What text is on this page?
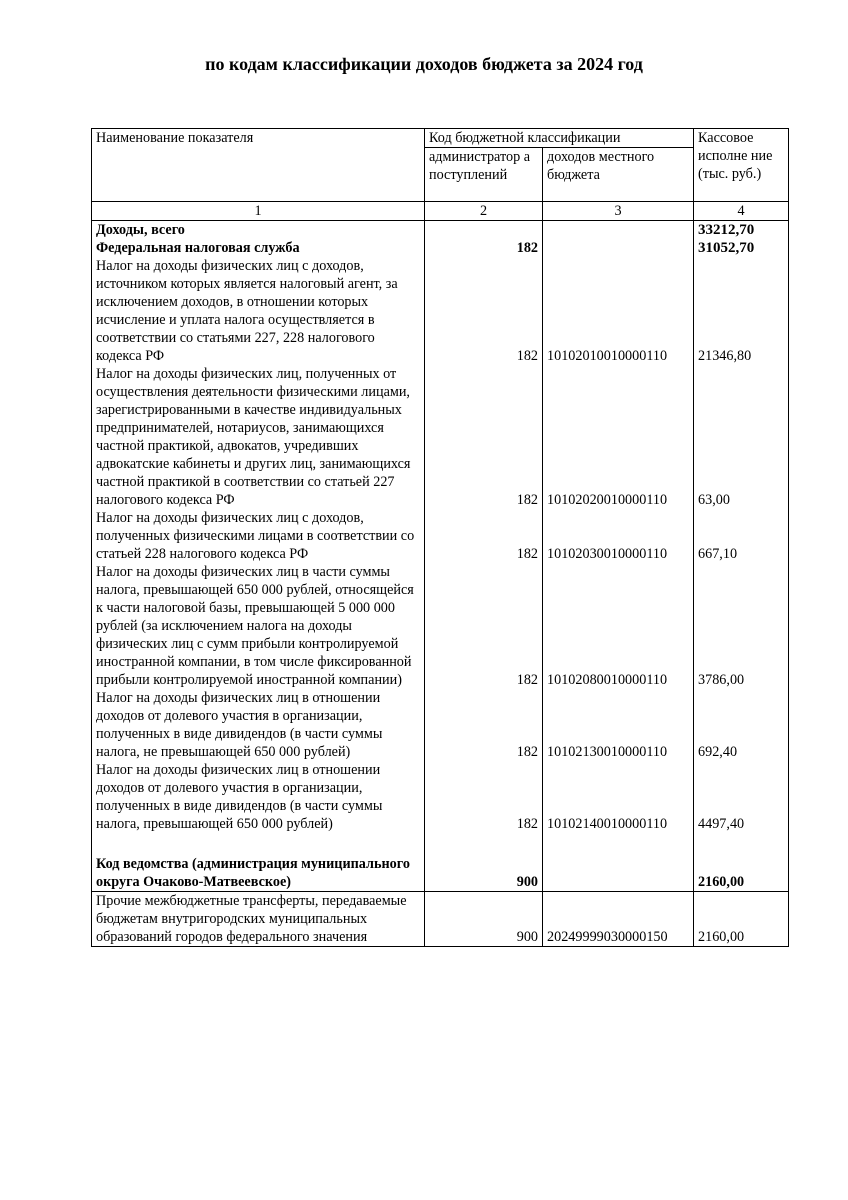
по кодам классификации доходов бюджета за 2024 год
Наименование показателя	Код бюджетной классификации		Кассовое исполне ние (тыс. руб.)
	администратор а поступлений	доходов местного бюджета	
1	2	3	4
Доходы, всего			33212,70
Федеральная налоговая служба	182		31052,70
Налог на доходы физических лиц с доходов, источником которых является налоговый агент, за исключением доходов, в отношении которых исчисление и уплата налога осуществляется в соответствии со статьями 227, 228 налогового кодекса РФ	182	10102010010000110	21346,80
Налог на доходы физических лиц, полученных от осуществления деятельности физическими лицами, зарегистрированными в качестве индивидуальных предпринимателей, нотариусов, занимающихся частной практикой, адвокатов, учредивших адвокатские кабинеты и других лиц, занимающихся частной практикой в соответствии со статьей 227 налогового кодекса РФ	182	10102020010000110	63,00
Налог на доходы физических лиц с доходов, полученных физическими лицами в соответствии со статьей 228 налогового кодекса РФ	182	10102030010000110	667,10
Налог на доходы физических лиц в части суммы налога, превышающей 650 000 рублей, относящейся к части налоговой базы, превышающей 5 000 000 рублей (за исключением налога на доходы физических лиц с сумм прибыли контролируемой иностранной компании, в том числе фиксированной прибыли контролируемой иностранной компании)	182	10102080010000110	3786,00
Налог на доходы физических лиц в отношении доходов от долевого участия в организации, полученных в виде дивидендов (в части суммы налога, не превышающей 650 000 рублей)	182	10102130010000110	692,40
Налог на доходы физических лиц в отношении доходов от долевого участия в организации, полученных в виде дивидендов (в части суммы налога, превышающей 650 000 рублей)	182	10102140010000110	4497,40

Код ведомства (администрация муниципального округа Очаково-Матвеевское)	900		2160,00
Прочие межбюджетные трансферты, передаваемые бюджетам внутригородских муниципальных образований городов федерального значения	900	20249999030000150	2160,00
